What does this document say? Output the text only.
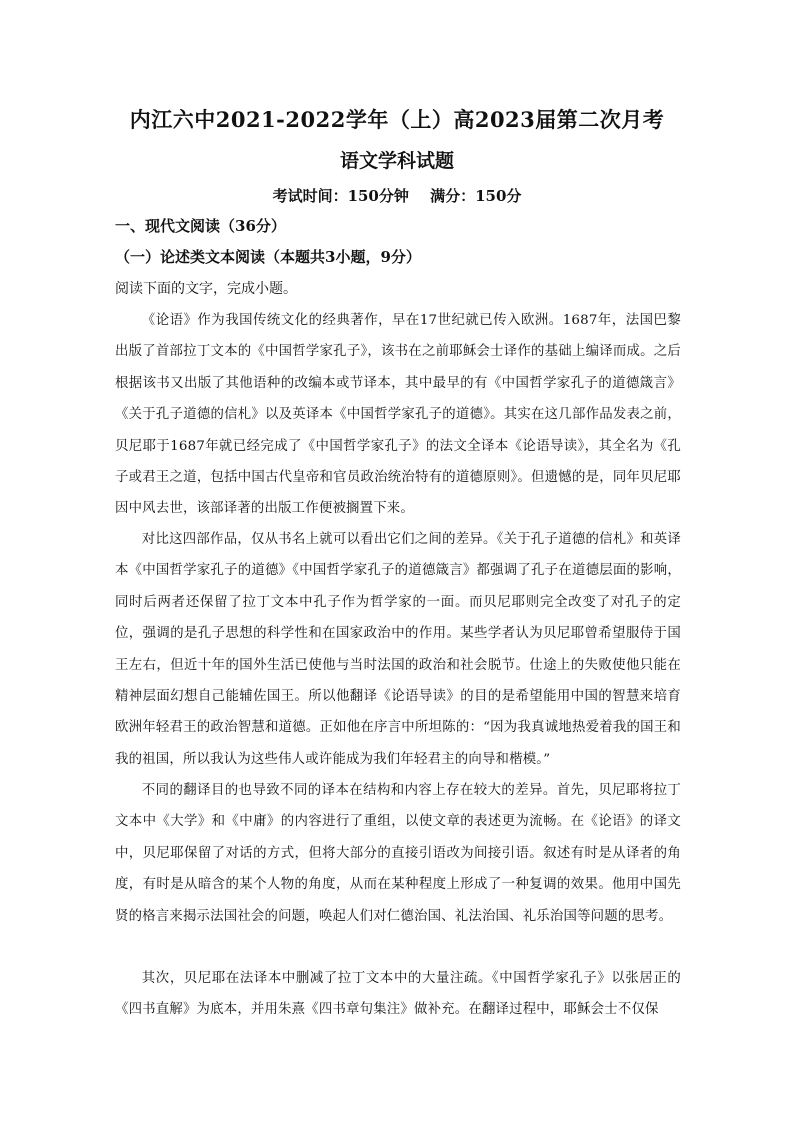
内江六中2021-2022学年（上）高2023届第二次月考
语文学科试题
考试时间：150分钟 满分：150分
一、现代文阅读（36分）
（一）论述类文本阅读（本题共3小题，9分）
阅读下面的文字，完成小题。

《论语》作为我国传统文化的经典著作，早在17世纪就已传入欧洲。1687年，法国巴黎出版了首部拉丁文本的《中国哲学家孔子》，该书在之前耶稣会士译作的基础上编译而成。之后根据该书又出版了其他语种的改编本或节译本，其中最早的有《中国哲学家孔子的道德箴言》《关于孔子道德的信札》以及英译本《中国哲学家孔子的道德》。其实在这几部作品发表之前，贝尼耶于1687年就已经完成了《中国哲学家孔子》的法文全译本《论语导读》，其全名为《孔子或君王之道，包括中国古代皇帝和官员政治统治特有的道德原则》。但遗憾的是，同年贝尼耶因中风去世，该部译著的出版工作便被搁置下来。

对比这四部作品，仅从书名上就可以看出它们之间的差异。《关于孔子道德的信札》和英译本《中国哲学家孔子的道德》《中国哲学家孔子的道德箴言》都强调了孔子在道德层面的影响，同时后两者还保留了拉丁文本中孔子作为哲学家的一面。而贝尼耶则完全改变了对孔子的定位，强调的是孔子思想的科学性和在国家政治中的作用。某些学者认为贝尼耶曾希望服侍于国王左右，但近十年的国外生活已使他与当时法国的政治和社会脱节。仕途上的失败使他只能在精神层面幻想自己能辅佐国王。所以他翻译《论语导读》的目的是希望能用中国的智慧来培育欧洲年轻君王的政治智慧和道德。正如他在序言中所坦陈的：“因为我真诚地热爱着我的国王和我的祖国，所以我认为这些伟人或许能成为我们年轻君主的向导和楷模。”

不同的翻译目的也导致不同的译本在结构和内容上存在较大的差异。首先，贝尼耶将拉丁文本中《大学》和《中庸》的内容进行了重组，以使文章的表述更为流畅。在《论语》的译文中，贝尼耶保留了对话的方式，但将大部分的直接引语改为间接引语。叙述有时是从译者的角度，有时是从暗含的某个人物的角度，从而在某种程度上形成了一种复调的效果。他用中国先贤的格言来揭示法国社会的问题，唤起人们对仁德治国、礼法治国、礼乐治国等问题的思考。

其次，贝尼耶在法译本中删减了拉丁文本中的大量注疏。《中国哲学家孔子》以张居正的《四书直解》为底本，并用朱熹《四书章句集注》做补充。在翻译过程中，耶稣会士不仅保
